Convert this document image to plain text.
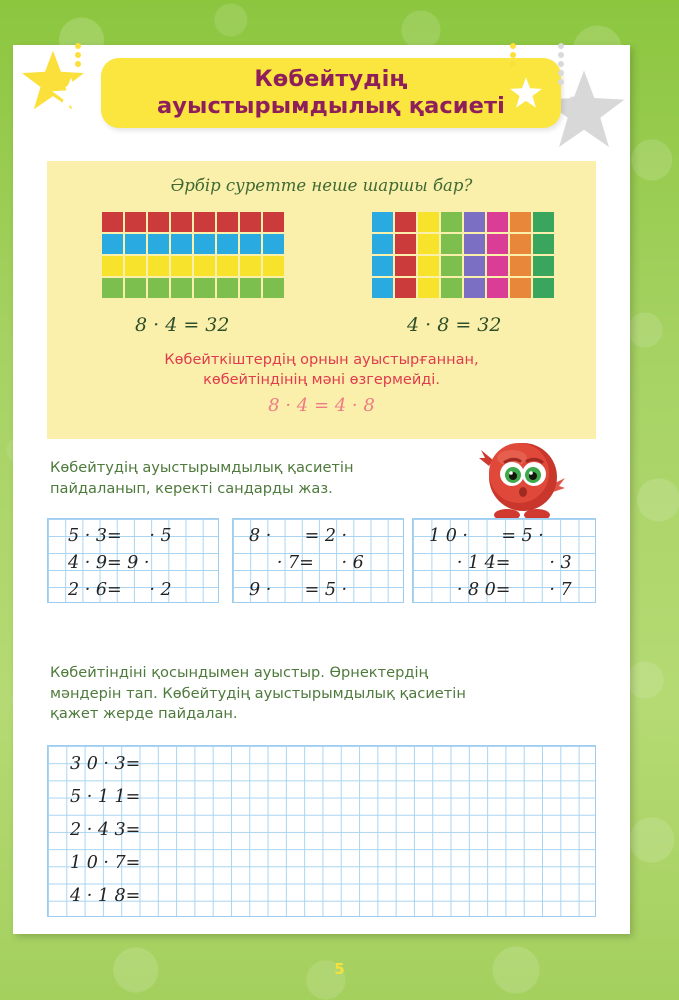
Көбейтудің
ауыстырымдылық қасиеті
Әрбір суретте неше шаршы бар?
8 · 4 = 32	4 · 8 = 32
Көбейткіштердің орнын ауыстырғаннан,
көбейтіндінің мәні өзгермейді.
8 · 4 = 4 · 8
Көбейтудің ауыстырымдылық қасиетін
пайдаланып, керекті сандарды жаз.
5 · 3=     · 5
4 · 9= 9 ·
2 · 6=     · 2
8 ·      = 2 ·
· 7=     · 6
9 ·      = 5 ·
1 0 ·      = 5 ·
· 1 4=       · 3
· 8 0=       · 7
Көбейтіндіні қосындымен ауыстыр. Өрнектердің
мәндерін тап. Көбейтудің ауыстырымдылық қасиетін
қажет жерде пайдалан.
3 0 · 3=
5 · 1 1=
2 · 4 3=
1 0 · 7=
4 · 1 8=
5
